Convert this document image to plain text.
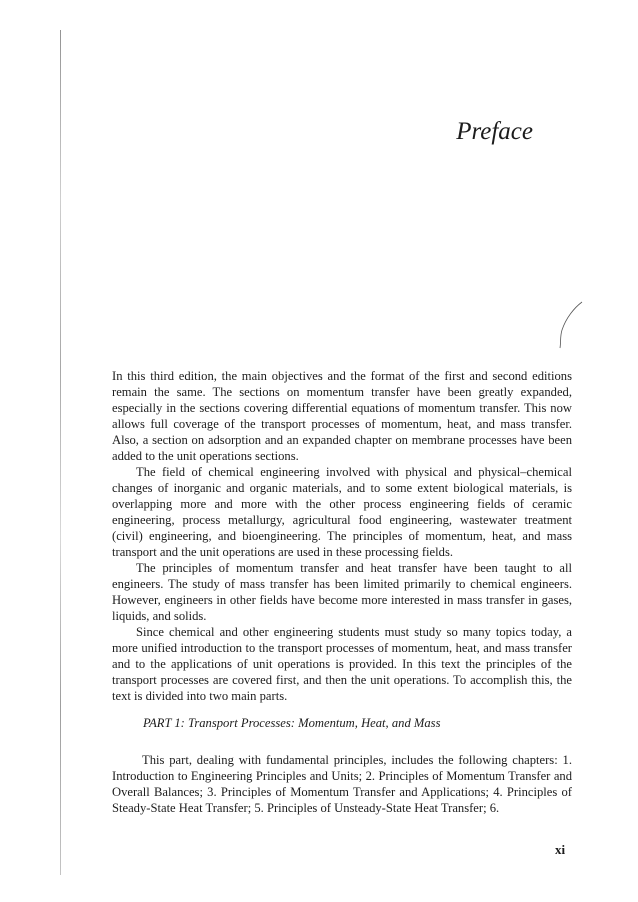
Preface

In this third edition, the main objectives and the format of the first and second editions remain the same. The sections on momentum transfer have been greatly expanded, especially in the sections covering differential equations of momentum transfer. This now allows full coverage of the transport processes of momentum, heat, and mass transfer. Also, a section on adsorption and an expanded chapter on membrane processes have been added to the unit operations sections.

The field of chemical engineering involved with physical and physical–chemical changes of inorganic and organic materials, and to some extent biological materials, is overlapping more and more with the other process engineering fields of ceramic engineering, process metallurgy, agricultural food engineering, wastewater treatment (civil) engineering, and bioengineering. The principles of momentum, heat, and mass transport and the unit operations are used in these processing fields.

The principles of momentum transfer and heat transfer have been taught to all engineers. The study of mass transfer has been limited primarily to chemical engineers. However, engineers in other fields have become more interested in mass transfer in gases, liquids, and solids.

Since chemical and other engineering students must study so many topics today, a more unified introduction to the transport processes of momentum, heat, and mass transfer and to the applications of unit operations is provided. In this text the principles of the transport processes are covered first, and then the unit operations. To accomplish this, the text is divided into two main parts.

PART 1: Transport Processes: Momentum, Heat, and Mass

This part, dealing with fundamental principles, includes the following chapters: 1. Introduction to Engineering Principles and Units; 2. Principles of Momentum Transfer and Overall Balances; 3. Principles of Momentum Transfer and Applications; 4. Principles of Steady-State Heat Transfer; 5. Principles of Unsteady-State Heat Transfer; 6.

xi
